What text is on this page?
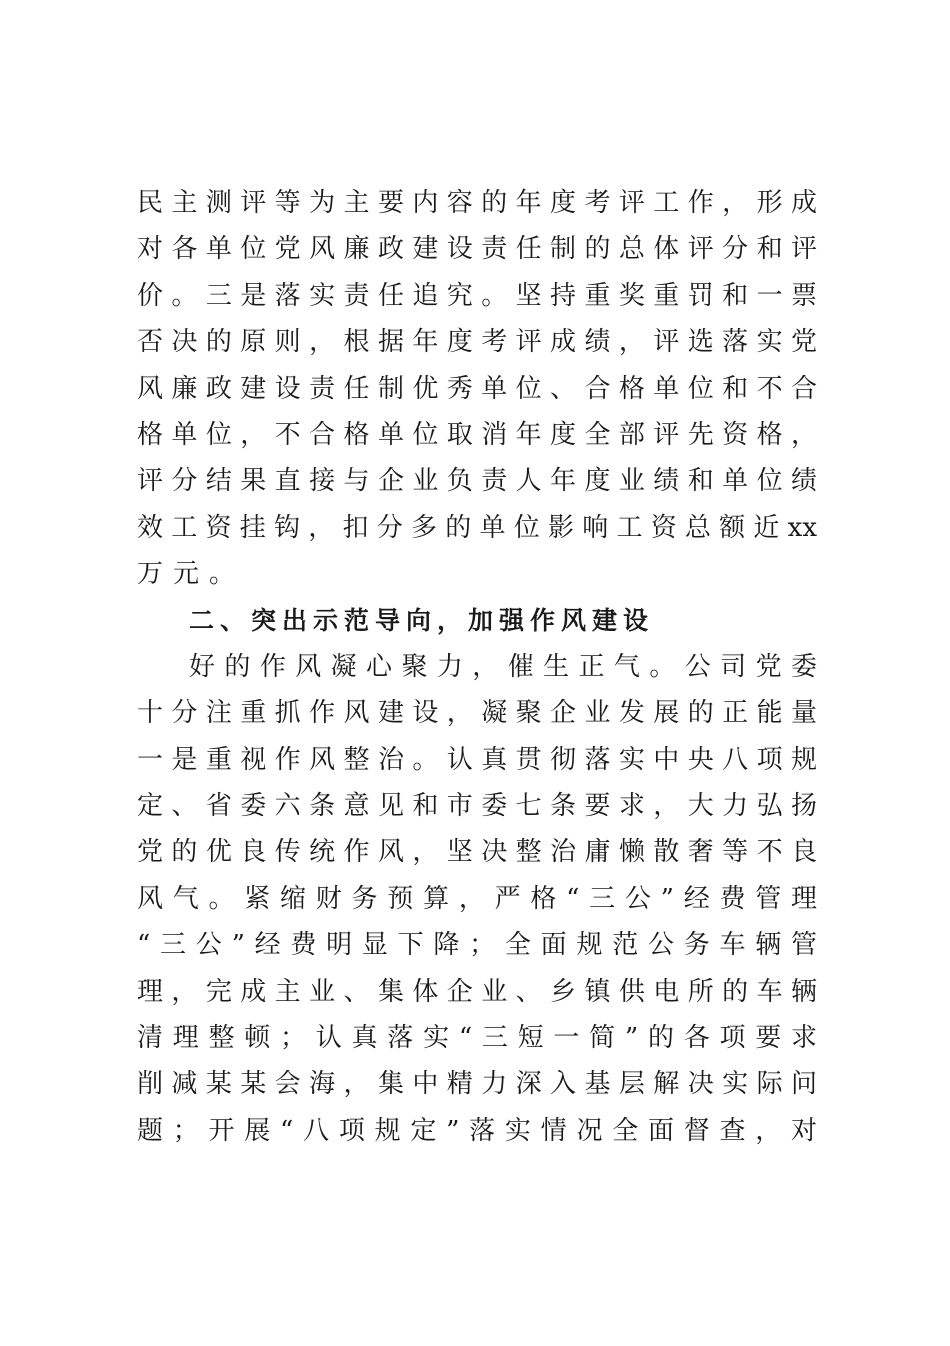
民主测评等为主要内容的年度考评工作，形成
对各单位党风廉政建设责任制的总体评分和评
价。三是落实责任追究。坚持重奖重罚和一票
否决的原则，根据年度考评成绩，评选落实党
风廉政建设责任制优秀单位、合格单位和不合
格单位，不合格单位取消年度全部评先资格，
评分结果直接与企业负责人年度业绩和单位绩
效工资挂钩，扣分多的单位影响工资总额近xx
万元。
二、突出示范导向，加强作风建设
好的作风凝心聚力，催生正气。公司党委
十分注重抓作风建设，凝聚企业发展的正能量
一是重视作风整治。认真贯彻落实中央八项规
定、省委六条意见和市委七条要求，大力弘扬
党的优良传统作风，坚决整治庸懒散奢等不良
风气。紧缩财务预算，严格“三公”经费管理
“三公”经费明显下降；全面规范公务车辆管
理，完成主业、集体企业、乡镇供电所的车辆
清理整顿；认真落实“三短一简”的各项要求
削减某某会海，集中精力深入基层解决实际问
题；开展“八项规定”落实情况全面督查，对
